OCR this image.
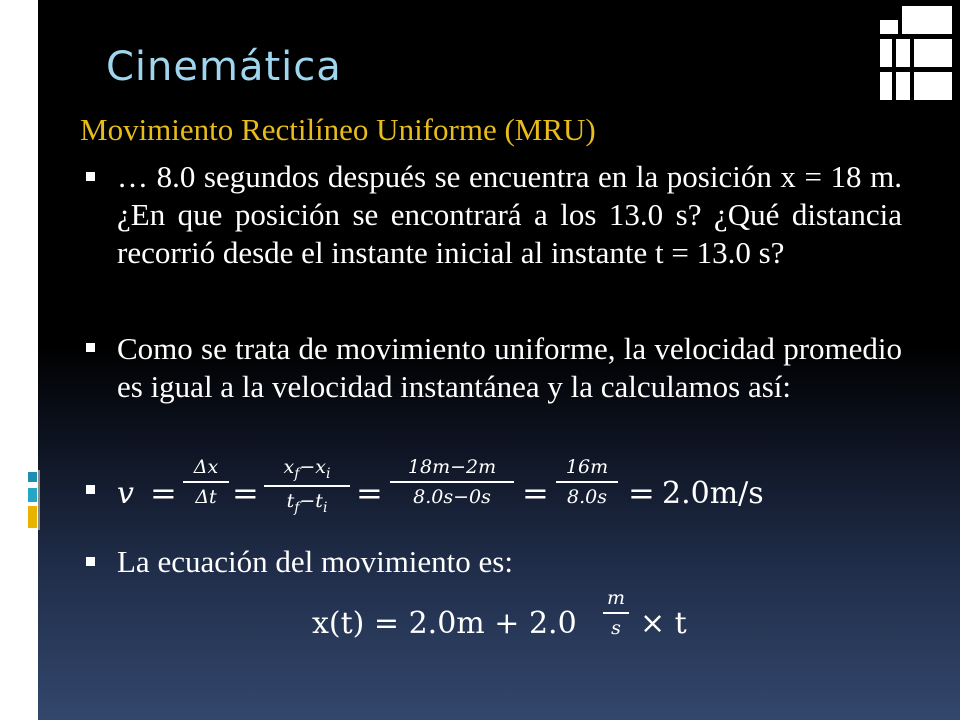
Cinemática

Movimiento Rectilíneo Uniforme (MRU)

… 8.0 segundos después se encuentra en la posición x = 18 m. ¿En que posición se encontrará a los 13.0 s? ¿Qué distancia recorrió desde el instante inicial al instante t = 13.0 s?

Como se trata de movimiento uniforme, la velocidad promedio es igual a la velocidad instantánea y la calculamos así:

v =
Δx
Δt =
$x_f-x_i$
$t_f-t_i$ =
18m−2m
8.0s−0s =
16m
8.0s = 2.0m/s

La ecuación del movimiento es:

x(t) = 2.0m + 2.0
m
s × t
